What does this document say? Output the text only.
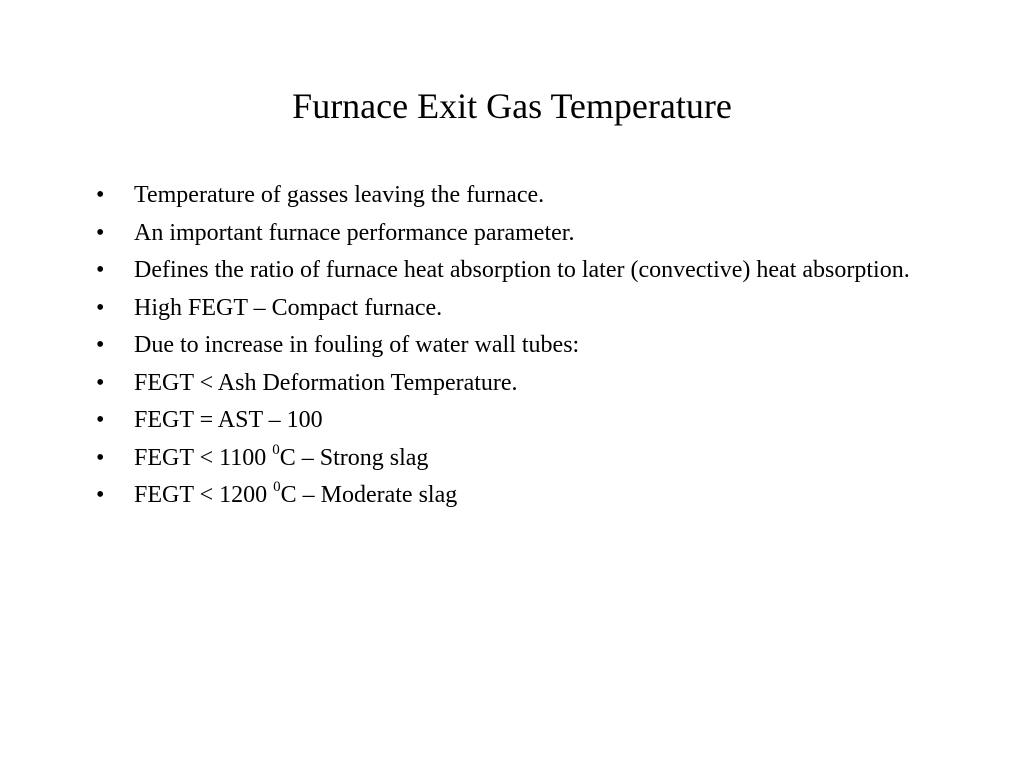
Furnace Exit Gas Temperature
•	Temperature of gasses leaving the furnace.
•	An important furnace performance parameter.
•	Defines the ratio of furnace heat absorption to later (convective) heat absorption.
•	High FEGT – Compact furnace.
•	Due to increase in fouling of water wall tubes:
•	FEGT < Ash Deformation Temperature.
•	FEGT = AST – 100
•	FEGT < 1100 $^0$C – Strong slag
•	FEGT < 1200 $^0$C – Moderate slag
